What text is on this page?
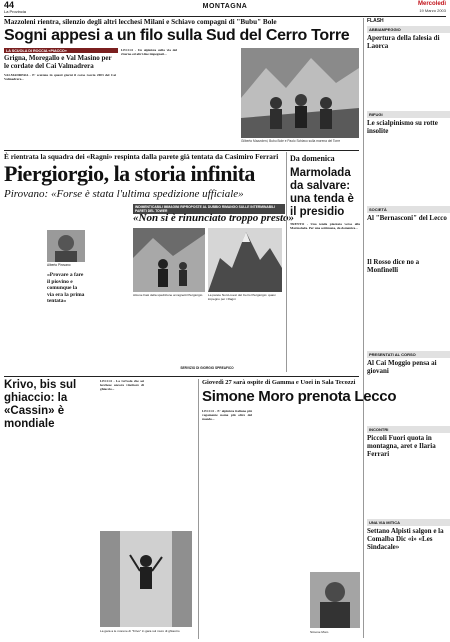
44
La Provincia
MONTAGNA	Mercoledì
19 Marzo 2003
Mazzoleni rientra, silenzio degli altri lecchesi Milani e Schiavo compagni di "Bubu" Bole
Sogni appesi a un filo sulla Sud del Cerro Torre
LA SCUOLA DI ROCCIA «PIACCO»
Grigna, Moregallo e Val Masino per le cordate del Cai Valmadrera
VALMADRERA - E' scattato in questi giorni il corso roccia 2003 del Cai Valmadrera...
LECCO - Un alpinista sulla via del ritorno ed altri due impegnati...
Gilberto Mazzoleni, Bubu Bole e Paolo Schiavo sulla morena del Torre
FLASH
ABBIAMPEGGIO
Apertura della falesia di Laorca
RIFUGI
Le scialpinismo su rotte insolite
SOCIETÀ
Al "Bernasconi" del Lecco
Il Rosso dice no a Monfinelli
PRESENTATI AL CORSO
Al Cai Moggio pensa ai giovani
INCONTRI
Piccoli Fuori quota in montagna, aret e Ilaria Ferrari
UNA VIA MITICA
Settano Alpisti salgon e la Comalba Dic «i» «Les Sindacale»
È rientrata la squadra dei «Ragni» respinta dalla parete già tentata da Casimiro Ferrari
Piergiorgio, la storia infinita
Pirovano: «Forse è stata l'ultima spedizione ufficiale»
Alberto Pirovano
«Provare a fare il piovino e comunque la via era la prima tentata»
INDIMENTICABILI IMMAGINI RIPROPOSTE AL DUBBIO RIMANGO SULLE INTERMINABILI PARETI DEL TOWER
«Non si è rinunciato troppo presto»
Alcune Fasi della spedizione ai ragnetti Piergiorgio	La parete Nord-ovest del Cerro Piergiorgio: quasi impegno per i Ragni
SERVIZIO DI GIORGIO SPREAFICO
Da domenica
Marmolada da salvare: una tenda è il presidio
TRENTO - Una tenda piazzata verso alla Marmolada. Per una settimana, da domenica...
Krivo, bis sul ghiaccio: la «Cassin» è mondiale
LECCO - La Grivola che sei lecchese ancora vincitore di ghiaccio...
La gara a le morene di "Krivo" in gara sul muro di ghiaccio
Giovedì 27 sarà ospite di Gamma e Uoei in Sala Tecozzi
Simone Moro prenota Lecco
LECCO - E' alpinista italiano più vagamente nome più oltre del mondo...
Simone Moro
